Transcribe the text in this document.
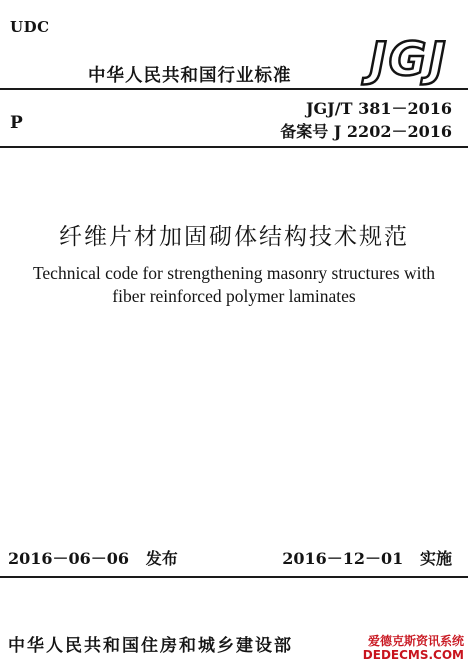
UDC
中华人民共和国行业标准 JGJ
P
JGJ/T 381－2016
备案号 J 2202－2016
纤维片材加固砌体结构技术规范
Technical code for strengthening masonry structures with
fiber reinforced polymer laminates
2016－06－06 发布	2016－12－01 实施
中华人民共和国住房和城乡建设部	爱德克斯资讯系统
DEDECMS.COM
